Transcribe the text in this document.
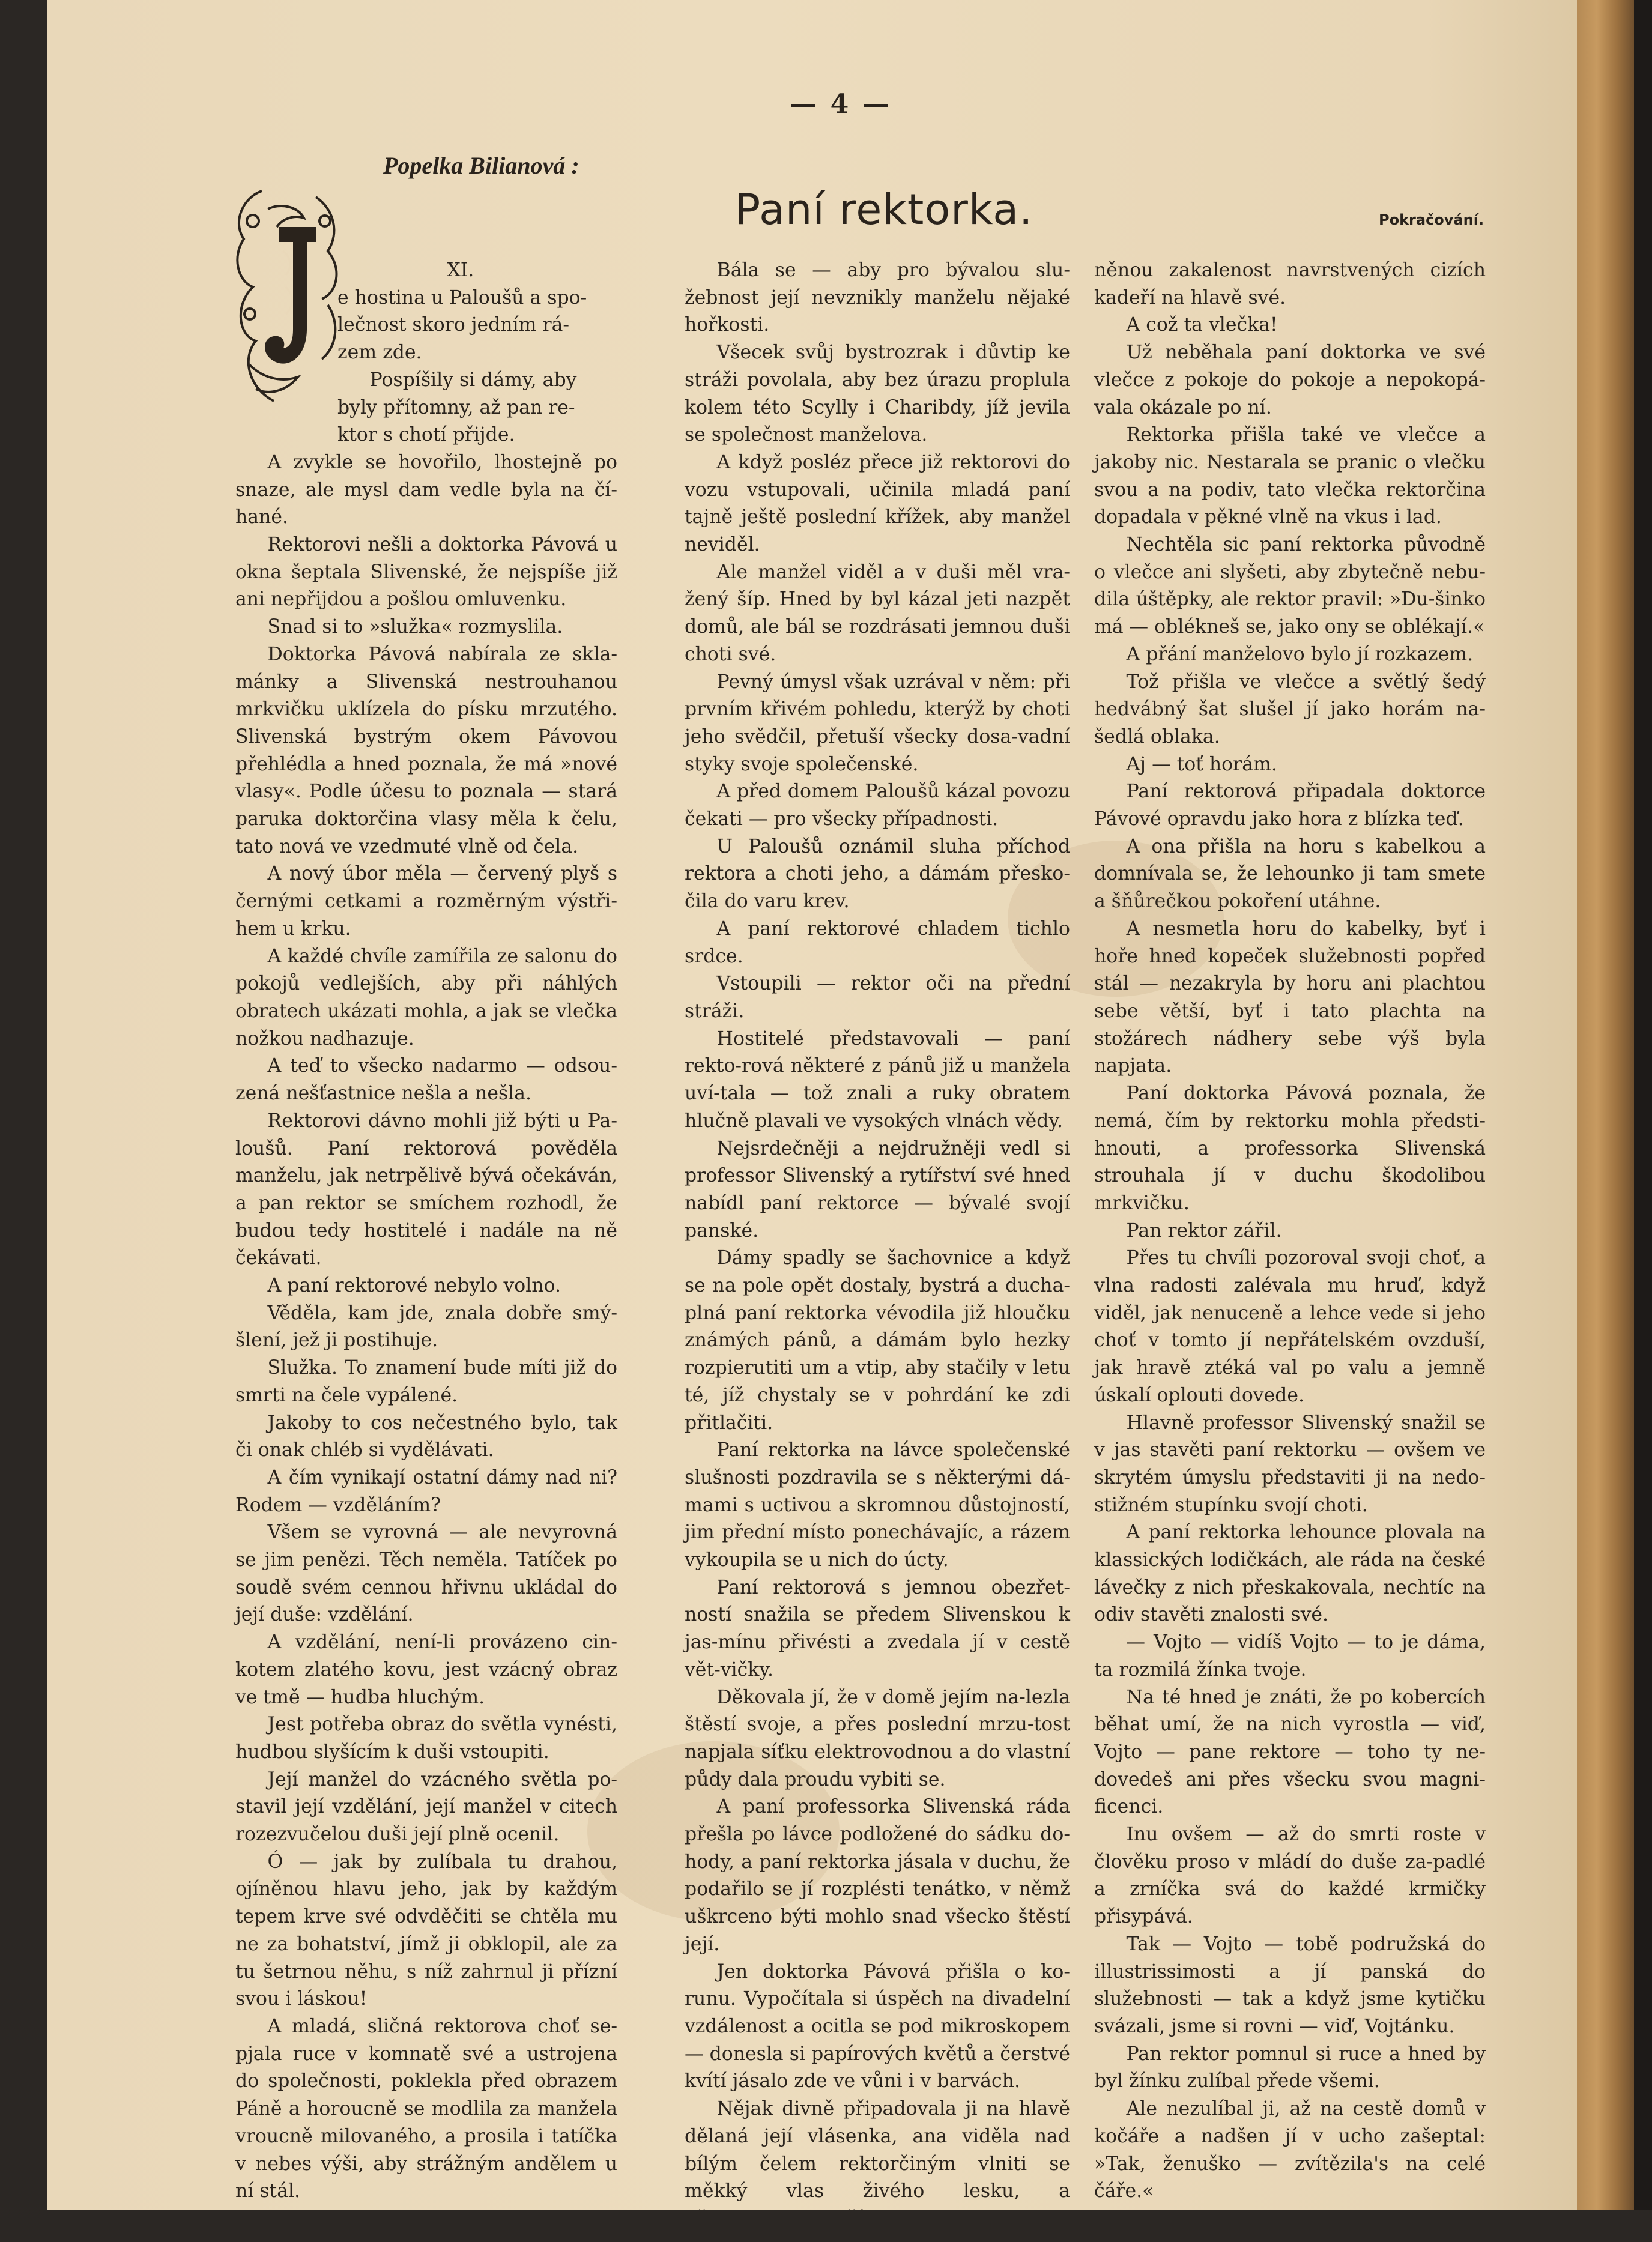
— 4 —
Popelka Bilianová :
Paní rektorka.	Pokračování.

XI.

e hostina u Paloušů a spo-

lečnost skoro jedním rá-

zem zde.

Pospíšily si dámy, aby

byly přítomny, až pan re-

ktor s chotí přijde.

A zvykle se hovořilo, lhostejně po snaze, ale mysl dam vedle byla na čí-hané.

Rektorovi nešli a doktorka Pávová u okna šeptala Slivenské, že nejspíše již ani nepřijdou a pošlou omluvenku.

Snad si to »služka« rozmyslila.

Doktorka Pávová nabírala ze skla-mánky a Slivenská nestrouhanou mrkvičku uklízela do písku mrzutého. Slivenská bystrým okem Pávovou přehlédla a hned poznala, že má »nové vlasy«. Podle účesu to poznala — stará paruka doktorčina vlasy měla k čelu, tato nová ve vzedmuté vlně od čela.

A nový úbor měla — červený plyš s černými cetkami a rozměrným výstři-hem u krku.

A každé chvíle zamířila ze salonu do pokojů vedlejších, aby při náhlých obratech ukázati mohla, a jak se vlečka nožkou nadhazuje.

A teď to všecko nadarmo — odsou-zená nešťastnice nešla a nešla.

Rektorovi dávno mohli již býti u Pa-loušů. Paní rektorová pověděla manželu, jak netrpělivě bývá očekáván, a pan rektor se smíchem rozhodl, že budou tedy hostitelé i nadále na ně čekávati.

A paní rektorové nebylo volno.

Věděla, kam jde, znala dobře smý-šlení, jež ji postihuje.

Služka. To znamení bude míti již do smrti na čele vypálené.

Jakoby to cos nečestného bylo, tak či onak chléb si vydělávati.

A čím vynikají ostatní dámy nad ni? Rodem — vzděláním?

Všem se vyrovná — ale nevyrovná se jim penězi. Těch neměla. Tatíček po soudě svém cennou hřivnu ukládal do její duše: vzdělání.

A vzdělání, není-li provázeno cin-kotem zlatého kovu, jest vzácný obraz ve tmě — hudba hluchým.

Jest potřeba obraz do světla vynésti, hudbou slyšícím k duši vstoupiti.

Její manžel do vzácného světla po-stavil její vzdělání, její manžel v citech rozezvučelou duši její plně ocenil.

Ó — jak by zulíbala tu drahou, ojíněnou hlavu jeho, jak by každým tepem krve své odvděčiti se chtěla mu ne za bohatství, jímž ji obklopil, ale za tu šetrnou něhu, s níž zahrnul ji přízní svou i láskou!

A mladá, sličná rektorova choť se-pjala ruce v komnatě své a ustrojena do společnosti, poklekla před obrazem Páně a horoucně se modlila za manžela vroucně milovaného, a prosila i tatíčka v nebes výši, aby strážným andělem u ní stál.

Bála se — aby pro bývalou slu-žebnost její nevznikly manželu nějaké hořkosti.

Všecek svůj bystrozrak i důvtip ke stráži povolala, aby bez úrazu proplula kolem této Scylly i Charibdy, jíž jevila se společnost manželova.

A když posléz přece již rektorovi do vozu vstupovali, učinila mladá paní tajně ještě poslední křížek, aby manžel neviděl.

Ale manžel viděl a v duši měl vra-žený šíp. Hned by byl kázal jeti nazpět domů, ale bál se rozdrásati jemnou duši choti své.

Pevný úmysl však uzrával v něm: při prvním křivém pohledu, kterýž by choti jeho svědčil, přetuší všecky dosa-vadní styky svoje společenské.

A před domem Paloušů kázal povozu čekati — pro všecky případnosti.

U Paloušů oznámil sluha příchod rektora a choti jeho, a dámám přesko-čila do varu krev.

A paní rektorové chladem tichlo srdce.

Vstoupili — rektor oči na přední stráži.

Hostitelé představovali — paní rekto-rová některé z pánů již u manžela uví-tala — tož znali a ruky obratem hlučně plavali ve vysokých vlnách vědy.

Nejsrdečněji a nejdružněji vedl si professor Slivenský a rytířství své hned nabídl paní rektorce — bývalé svojí panské.

Dámy spadly se šachovnice a když se na pole opět dostaly, bystrá a ducha-plná paní rektorka vévodila již hloučku známých pánů, a dámám bylo hezky rozpierutiti um a vtip, aby stačily v letu té, jíž chystaly se v pohrdání ke zdi přitlačiti.

Paní rektorka na lávce společenské slušnosti pozdravila se s některými dá-mami s uctivou a skromnou důstojností, jim přední místo ponechávajíc, a rázem vykoupila se u nich do úcty.

Paní rektorová s jemnou obezřet-ností snažila se předem Slivenskou k jas-mínu přivésti a zvedala jí v cestě vět-vičky.

Děkovala jí, že v domě jejím na-lezla štěstí svoje, a přes poslední mrzu-tost napjala síťku elektrovodnou a do vlastní půdy dala proudu vybiti se.

A paní professorka Slivenská ráda přešla po lávce podložené do sádku do-hody, a paní rektorka jásala v duchu, že podařilo se jí rozplésti tenátko, v němž uškrceno býti mohlo snad všecko štěstí její.

Jen doktorka Pávová přišla o ko-runu. Vypočítala si úspěch na divadelní vzdálenost a ocitla se pod mikroskopem — donesla si papírových květů a čerstvé kvítí jásalo zde ve vůni i v barvách.

Nějak divně připadovala ji na hlavě dělaná její vlásenka, ana viděla nad bílým čelem rektorčiným vlniti se měkký vlas živého lesku, a

něnou zakalenost navrstvených cizích kadeří na hlavě své.

A což ta vlečka!

Už neběhala paní doktorka ve své vlečce z pokoje do pokoje a nepokopá-vala okázale po ní.

Rektorka přišla také ve vlečce a jakoby nic. Nestarala se pranic o vlečku svou a na podiv, tato vlečka rektorčina dopadala v pěkné vlně na vkus i lad.

Nechtěla sic paní rektorka původně o vlečce ani slyšeti, aby zbytečně nebu-dila úštěpky, ale rektor pravil: »Du-šinko má — oblékneš se, jako ony se oblékají.«

A přání manželovo bylo jí rozkazem.

Tož přišla ve vlečce a světlý šedý hedvábný šat slušel jí jako horám na-šedlá oblaka.

Aj — toť horám.

Paní rektorová připadala doktorce Pávové opravdu jako hora z blízka teď.

A ona přišla na horu s kabelkou a domnívala se, že lehounko ji tam smete a šňůrečkou pokoření utáhne.

A nesmetla horu do kabelky, byť i hoře hned kopeček služebnosti popřed stál — nezakryla by horu ani plachtou sebe větší, byť i tato plachta na stožárech nádhery sebe výš byla napjata.

Paní doktorka Pávová poznala, že nemá, čím by rektorku mohla předsti-hnouti, a professorka Slivenská strouhala jí v duchu škodolibou mrkvičku.

Pan rektor zářil.

Přes tu chvíli pozoroval svoji choť, a vlna radosti zalévala mu hruď, když viděl, jak nenuceně a lehce vede si jeho choť v tomto jí nepřátelském ovzduší, jak hravě ztéká val po valu a jemně úskalí oplouti dovede.

Hlavně professor Slivenský snažil se v jas stavěti paní rektorku — ovšem ve skrytém úmyslu představiti ji na nedo-stižném stupínku svojí choti.

A paní rektorka lehounce plovala na klassických lodičkách, ale ráda na české lávečky z nich přeskakovala, nechtíc na odiv stavěti znalosti své.

— Vojto — vidíš Vojto — to je dáma, ta rozmilá žínka tvoje.

Na té hned je znáti, že po kobercích běhat umí, že na nich vyrostla — viď, Vojto — pane rektore — toho ty ne-dovedeš ani přes všecku svou magni-ficenci.

Inu ovšem — až do smrti roste v člověku proso v mládí do duše za-padlé a zrníčka svá do každé krmičky přisypává.

Tak — Vojto — tobě podružská do illustrissimosti a jí panská do služebnosti — tak a když jsme kytičku svázali, jsme si rovni — viď, Vojtánku.

Pan rektor pomnul si ruce a hned by byl žínku zulíbal přede všemi.

Ale nezulíbal ji, až na cestě domů v kočáře a nadšen jí v ucho zašeptal: »Tak, ženuško — zvítězila's na celé čáře.«
